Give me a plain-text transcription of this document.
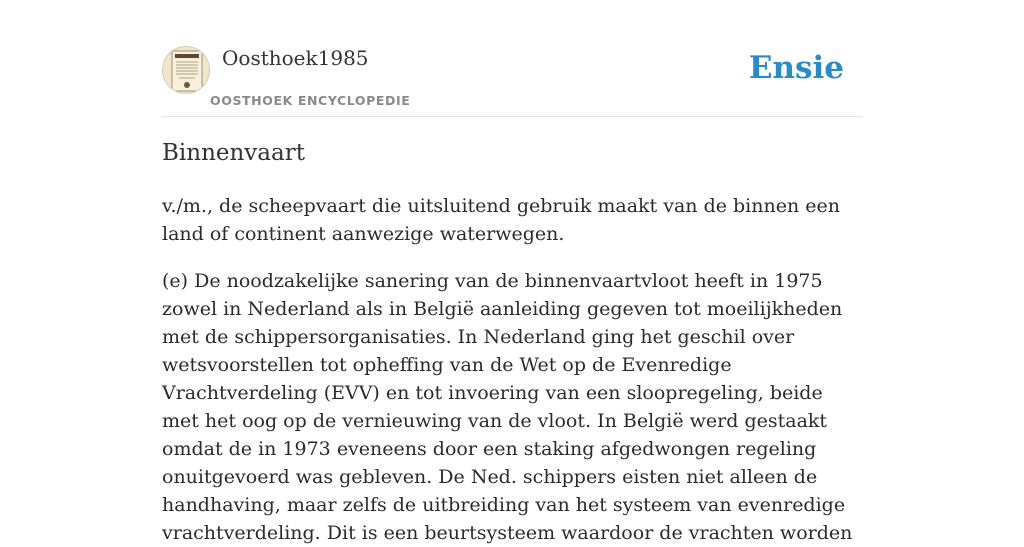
Oosthoek1985
OOSTHOEK ENCYCLOPEDIE
Ensie
Binnenvaart

v./m., de scheepvaart die uitsluitend gebruik maakt van de binnen een land of continent aanwezige waterwegen.

(e) De noodzakelijke sanering van de binnenvaartvloot heeft in 1975 zowel in Nederland als in België aanleiding gegeven tot moeilijkheden met de schippersorganisaties. In Nederland ging het geschil over wetsvoorstellen tot opheffing van de Wet op de Evenredige Vrachtverdeling (EVV) en tot invoering van een sloopregeling, beide met het oog op de vernieuwing van de vloot. In België werd gestaakt omdat de in 1973 eveneens door een staking afgedwongen regeling onuitgevoerd was gebleven. De Ned. schippers eisten niet alleen de handhaving, maar zelfs de uitbreiding van het systeem van evenredige vrachtverdeling. Dit is een beurtsysteem waardoor de vrachten worden
